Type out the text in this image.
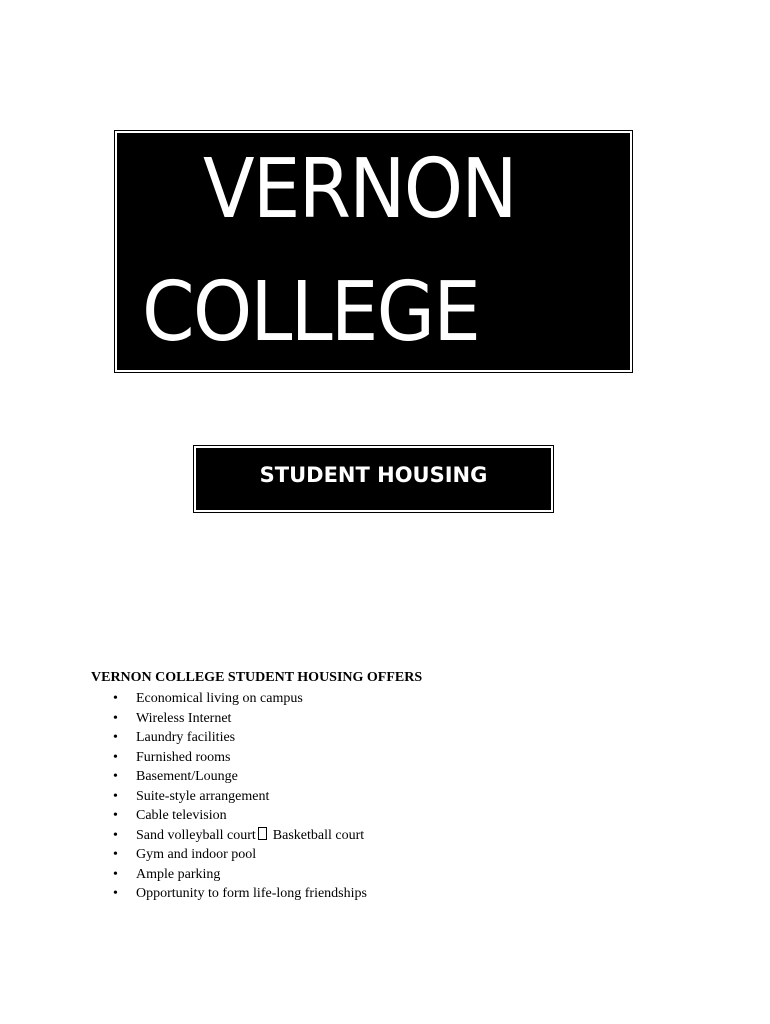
VERNON
COLLEGE
STUDENT HOUSING
VERNON COLLEGE STUDENT HOUSING OFFERS
• Economical living on campus
• Wireless Internet
• Laundry facilities
• Furnished rooms
• Basement/Lounge
• Suite-style arrangement
• Cable television
• Sand volleyball court Basketball court
• Gym and indoor pool
• Ample parking
• Opportunity to form life-long friendships
